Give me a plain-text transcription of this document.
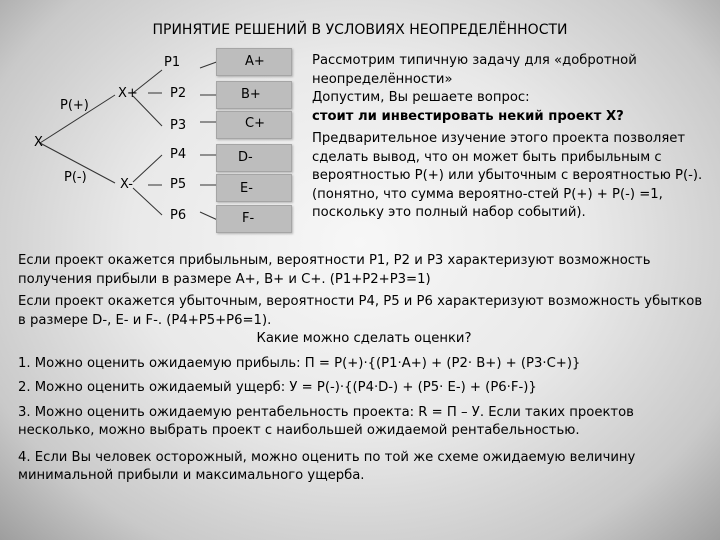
ПРИНЯТИЕ РЕШЕНИЙ В УСЛОВИЯХ НЕОПРЕДЕЛЁННОСТИ
X
P(+)
P(-)
X+
X-
P1
P2
P3
P4
P5
P6
A+
B+
C+
D-
E-
F-

Рассмотрим типичную задачу для «добротной неопределённости»

Допустим, Вы решаете вопрос:

стоит ли инвестировать некий проект Х?

Предварительное изучение этого проекта позволяет сделать вывод, что он может быть прибыльным с вероятностью Р(+) или убыточным с вероятностью Р(-). (понятно, что сумма вероятно-стей Р(+) + Р(-) =1, поскольку это полный набор событий).

Если проект окажется прибыльным, вероятности Р1, Р2 и Р3 характеризуют возможность получения прибыли в размере А+, В+ и С+. (Р1+Р2+Р3=1)

Если проект окажется убыточным, вероятности Р4, Р5 и Р6 характеризуют возможность убытков в размере D-, E- и F-. (Р4+Р5+Р6=1).

Какие можно сделать оценки?

1. Можно оценить ожидаемую прибыль: П = Р(+)·{(Р1·А+) + (Р2· В+) + (Р3·С+)}

2. Можно оценить ожидаемый ущерб: У = Р(-)·{(Р4·D-) + (Р5· Е-) + (Р6·F-)}

3. Можно оценить ожидаемую рентабельность проекта: R = П – У. Если таких проектов несколько, можно выбрать проект с наибольшей ожидаемой рентабельностью.

4. Если Вы человек осторожный, можно оценить по той же схеме ожидаемую величину минимальной прибыли и максимального ущерба.
